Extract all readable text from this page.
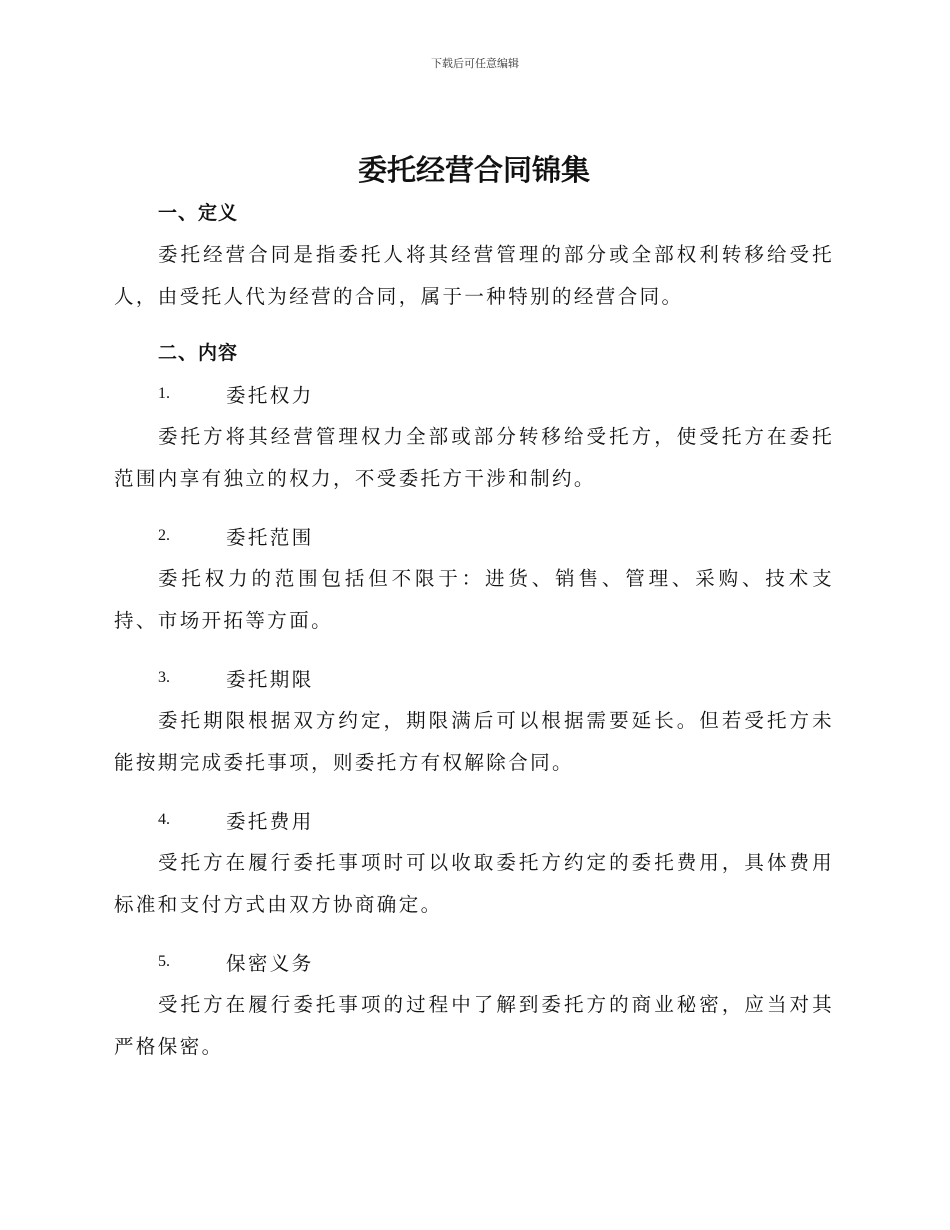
下载后可任意编辑
委托经营合同锦集
一、定义

委托经营合同是指委托人将其经营管理的部分或全部权利转移给受托人，由受托人代为经营的合同，属于一种特别的经营合同。

二、内容
1.	委托权力

委托方将其经营管理权力全部或部分转移给受托方，使受托方在委托范围内享有独立的权力，不受委托方干涉和制约。

2.	委托范围

委托权力的范围包括但不限于：进货、销售、管理、采购、技术支持、市场开拓等方面。

3.	委托期限

委托期限根据双方约定，期限满后可以根据需要延长。但若受托方未能按期完成委托事项，则委托方有权解除合同。

4.	委托费用

受托方在履行委托事项时可以收取委托方约定的委托费用，具体费用标准和支付方式由双方协商确定。

5.	保密义务

受托方在履行委托事项的过程中了解到委托方的商业秘密，应当对其严格保密。
